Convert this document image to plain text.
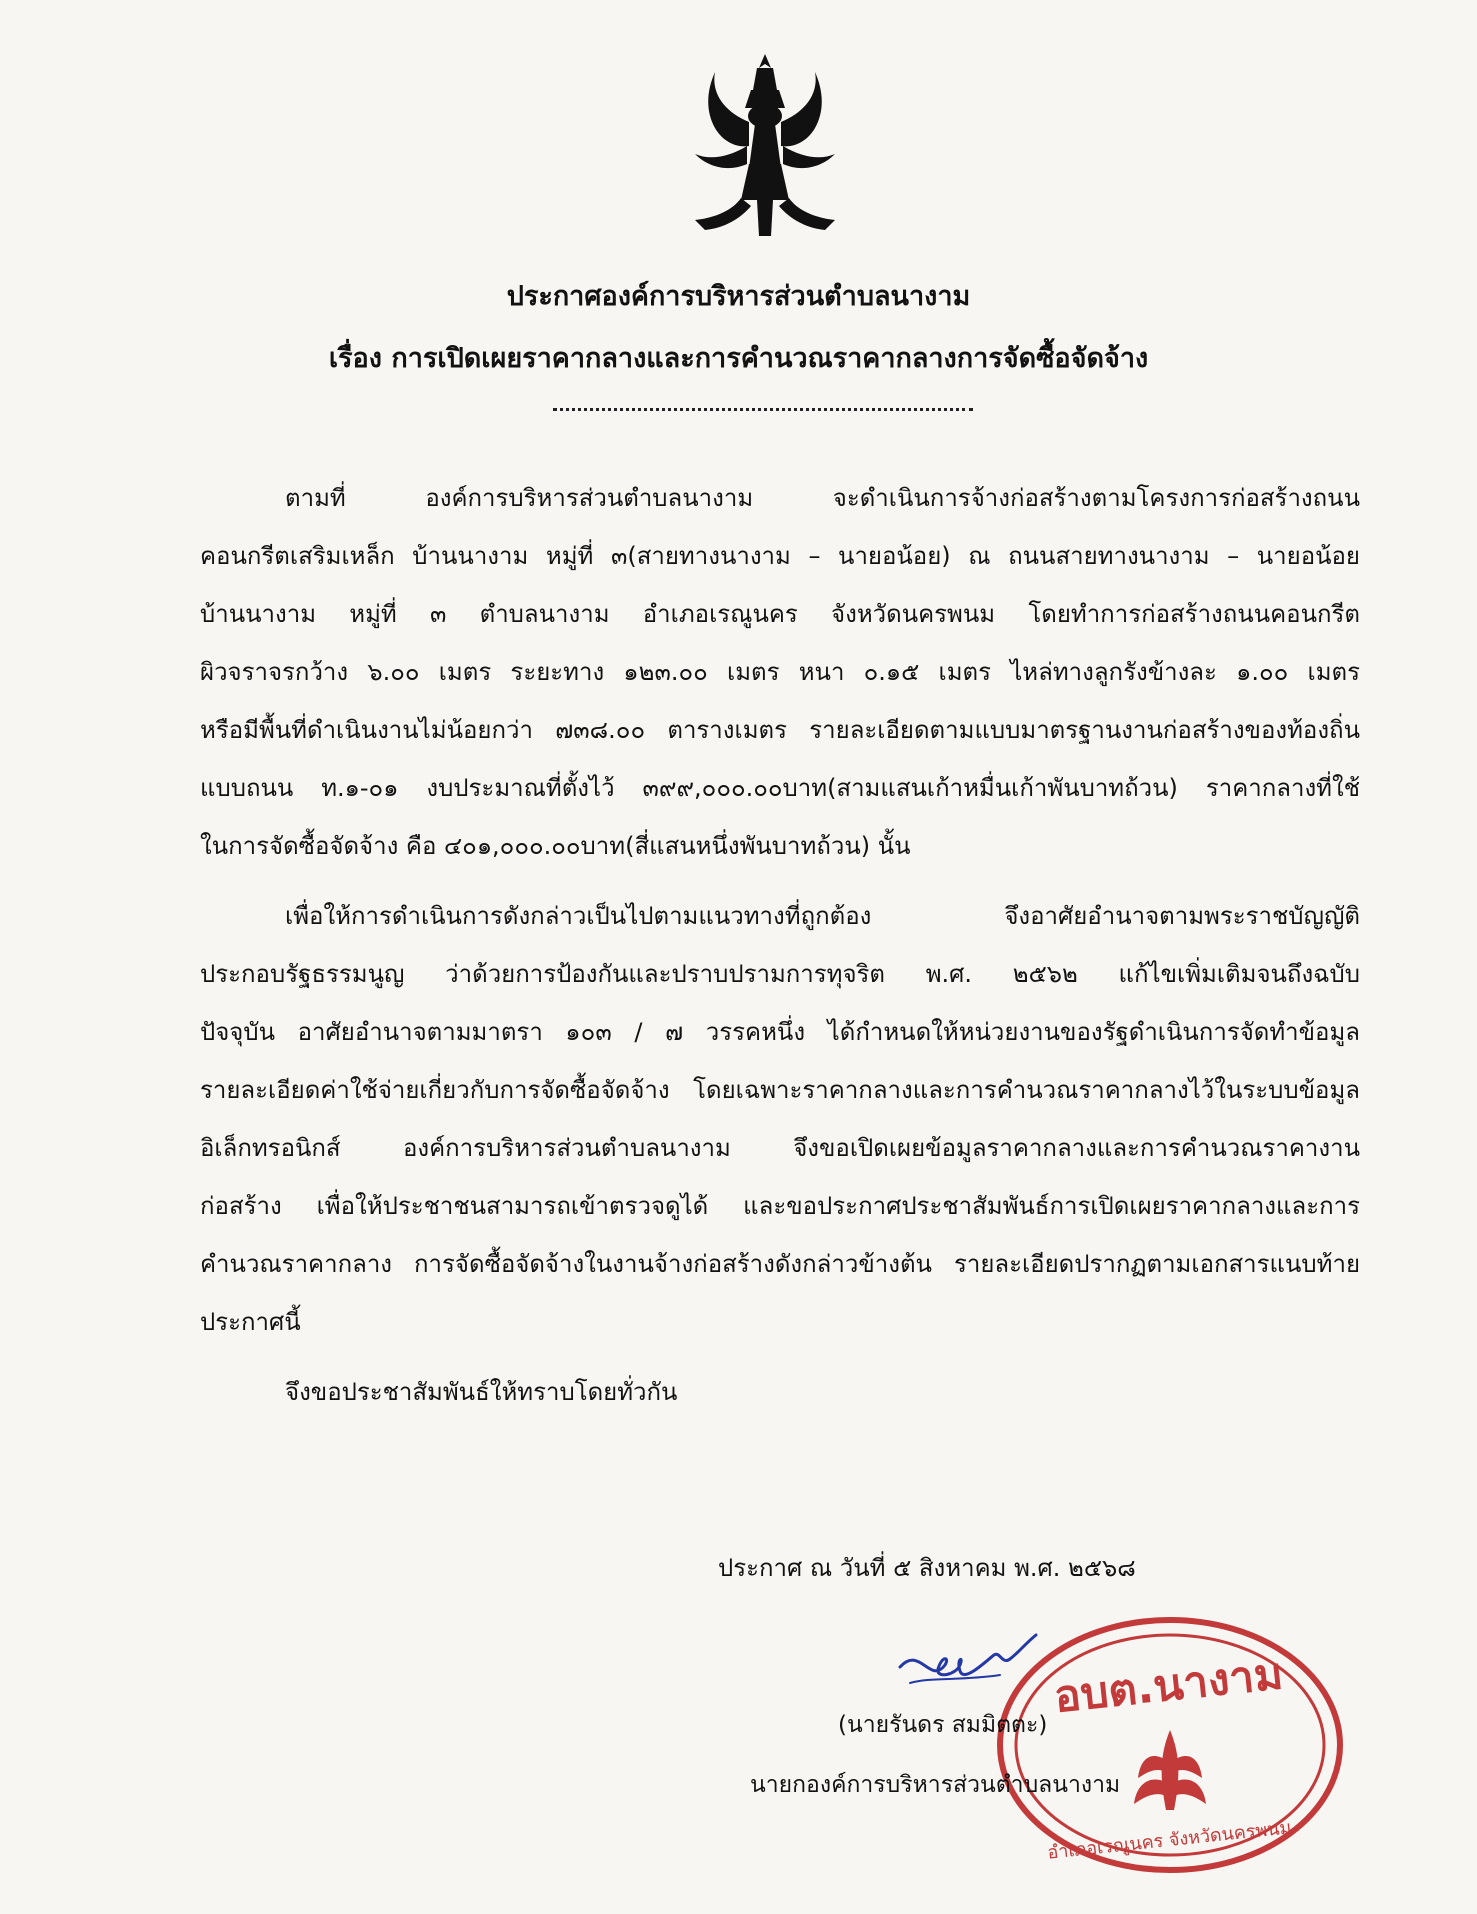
ประกาศองค์การบริหารส่วนตำบลนางาม
เรื่อง การเปิดเผยราคากลางและการคำนวณราคากลางการจัดซื้อจัดจ้าง
ตามที่ องค์การบริหารส่วนตำบลนางาม จะดำเนินการจ้างก่อสร้างตามโครงการก่อสร้างถนน
คอนกรีตเสริมเหล็ก บ้านนางาม หมู่ที่ ๓(สายทางนางาม – นายอน้อย) ณ ถนนสายทางนางาม – นายอน้อย
บ้านนางาม หมู่ที่ ๓ ตำบลนางาม อำเภอเรณูนคร จังหวัดนครพนม โดยทำการก่อสร้างถนนคอนกรีต
ผิวจราจรกว้าง ๖.๐๐ เมตร ระยะทาง ๑๒๓.๐๐ เมตร หนา ๐.๑๕ เมตร ไหล่ทางลูกรังข้างละ ๑.๐๐ เมตร
หรือมีพื้นที่ดำเนินงานไม่น้อยกว่า ๗๓๘.๐๐ ตารางเมตร รายละเอียดตามแบบมาตรฐานงานก่อสร้างของท้องถิ่น
แบบถนน ท.๑-๐๑ งบประมาณที่ตั้งไว้ ๓๙๙,๐๐๐.๐๐บาท(สามแสนเก้าหมื่นเก้าพันบาทถ้วน) ราคากลางที่ใช้
ในการจัดซื้อจัดจ้าง คือ ๔๐๑,๐๐๐.๐๐บาท(สี่แสนหนึ่งพันบาทถ้วน) นั้น
เพื่อให้การดำเนินการดังกล่าวเป็นไปตามแนวทางที่ถูกต้อง จึงอาศัยอำนาจตามพระราชบัญญัติ
ประกอบรัฐธรรมนูญ ว่าด้วยการป้องกันและปราบปรามการทุจริต พ.ศ. ๒๕๖๒ แก้ไขเพิ่มเติมจนถึงฉบับ
ปัจจุบัน อาศัยอำนาจตามมาตรา ๑๐๓ / ๗ วรรคหนึ่ง ได้กำหนดให้หน่วยงานของรัฐดำเนินการจัดทำข้อมูล
รายละเอียดค่าใช้จ่ายเกี่ยวกับการจัดซื้อจัดจ้าง โดยเฉพาะราคากลางและการคำนวณราคากลางไว้ในระบบข้อมูล
อิเล็กทรอนิกส์ องค์การบริหารส่วนตำบลนางาม จึงขอเปิดเผยข้อมูลราคากลางและการคำนวณราคางาน
ก่อสร้าง เพื่อให้ประชาชนสามารถเข้าตรวจดูได้ และขอประกาศประชาสัมพันธ์การเปิดเผยราคากลางและการ
คำนวณราคากลาง การจัดซื้อจัดจ้างในงานจ้างก่อสร้างดังกล่าวข้างต้น รายละเอียดปรากฏตามเอกสารแนบท้าย
ประกาศนี้
จึงขอประชาสัมพันธ์ให้ทราบโดยทั่วกัน
ประกาศ ณ วันที่ ๕ สิงหาคม พ.ศ. ๒๕๖๘
อบต.นางาม
อำเภอเรณูนคร จังหวัดนครพนม
(นายรันดร สมมิตตะ)
นายกองค์การบริหารส่วนตำบลนางาม
